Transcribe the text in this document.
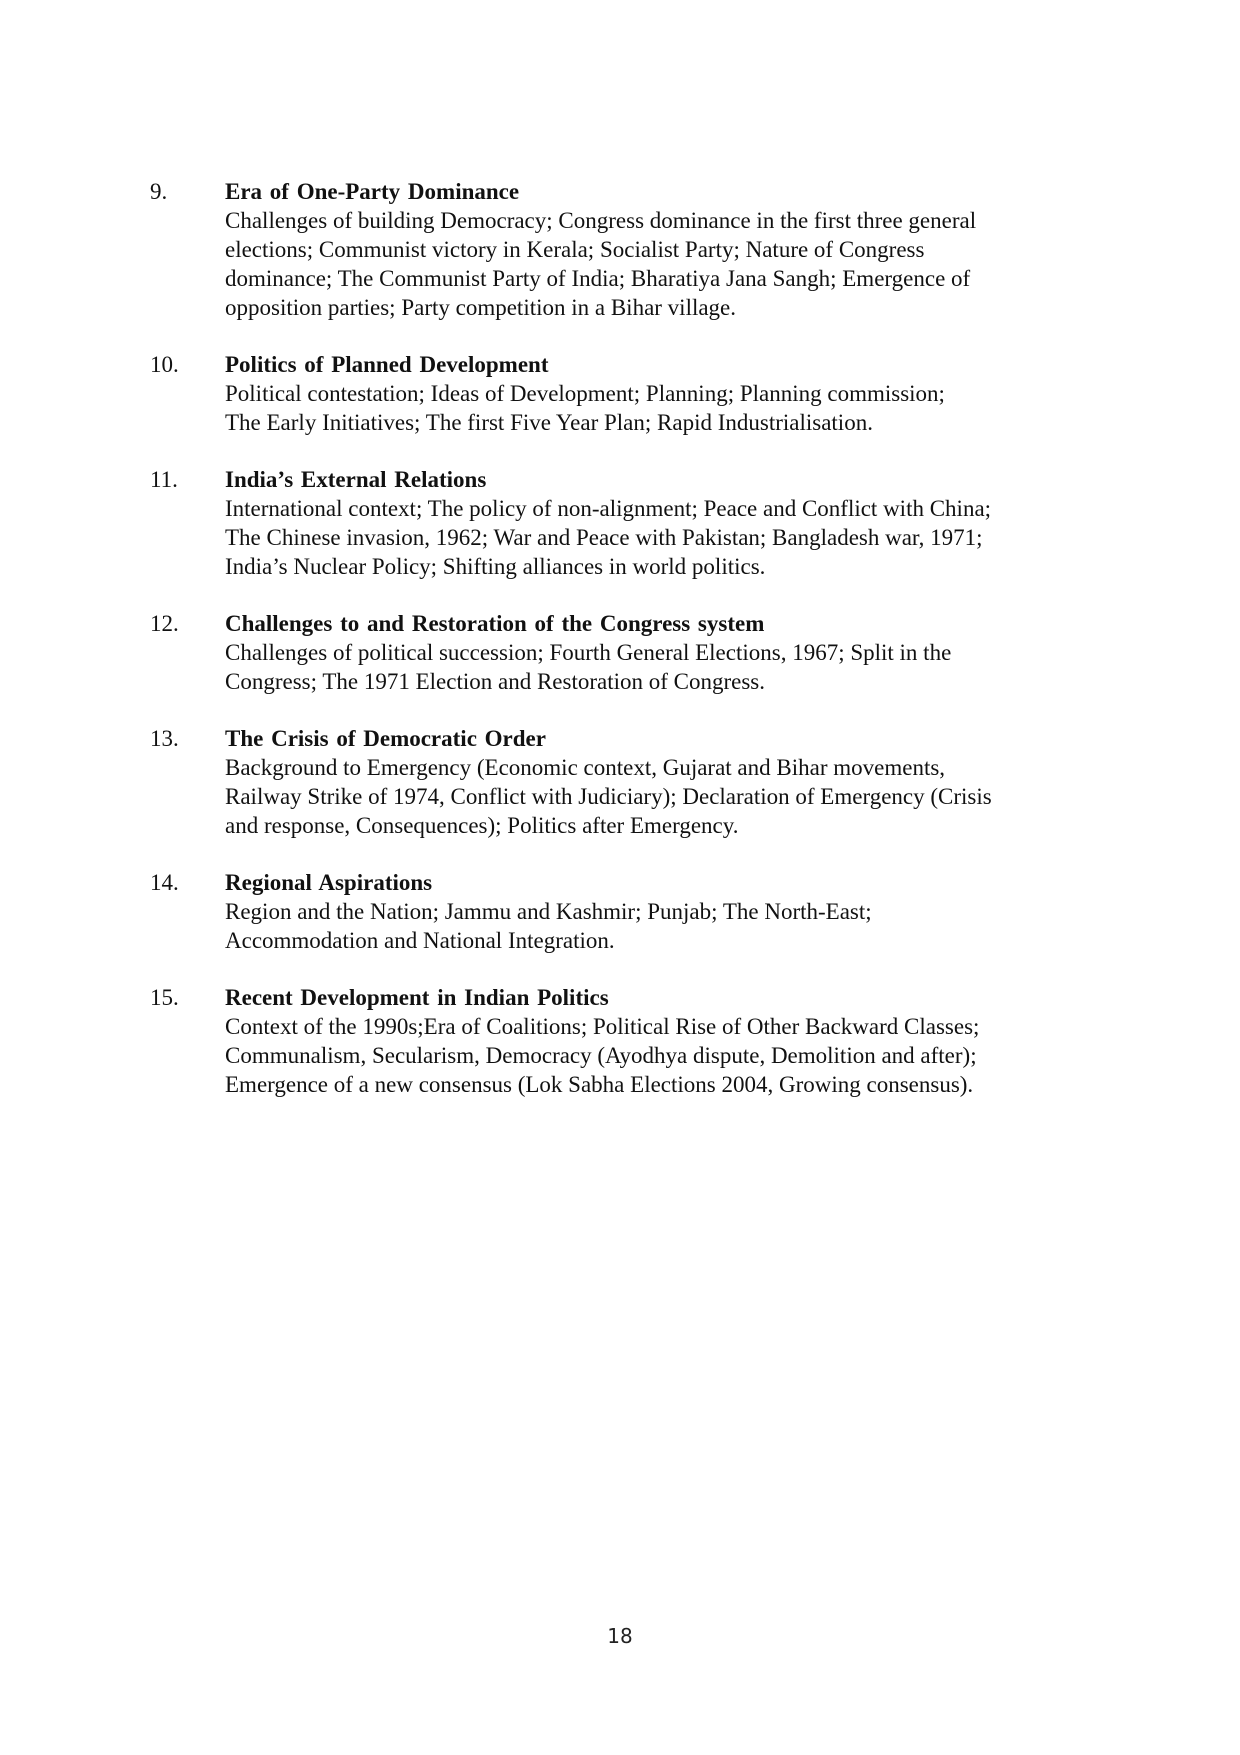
9.	Era of One-Party Dominance
Challenges of building Democracy; Congress dominance in the first three general
elections; Communist victory in Kerala; Socialist Party; Nature of Congress
dominance; The Communist Party of India; Bharatiya Jana Sangh; Emergence of
opposition parties; Party competition in a Bihar village.
10. Politics of Planned Development
Political contestation; Ideas of Development; Planning; Planning commission;
The Early Initiatives; The first Five Year Plan; Rapid Industrialisation.
11. India’s External Relations
International context; The policy of non-alignment; Peace and Conflict with China;
The Chinese invasion, 1962; War and Peace with Pakistan; Bangladesh war, 1971;
India’s Nuclear Policy; Shifting alliances in world politics.
12. Challenges to and Restoration of the Congress system
Challenges of political succession; Fourth General Elections, 1967; Split in the
Congress; The 1971 Election and Restoration of Congress.
13. The Crisis of Democratic Order
Background to Emergency (Economic context, Gujarat and Bihar movements,
Railway Strike of 1974, Conflict with Judiciary); Declaration of Emergency (Crisis
and response, Consequences); Politics after Emergency.
14. Regional Aspirations
Region and the Nation; Jammu and Kashmir; Punjab; The North-East;
Accommodation and National Integration.
15. Recent Development in Indian Politics
Context of the 1990s;Era of Coalitions; Political Rise of Other Backward Classes;
Communalism, Secularism, Democracy (Ayodhya dispute, Demolition and after);
Emergence of a new consensus (Lok Sabha Elections 2004, Growing consensus).
18
